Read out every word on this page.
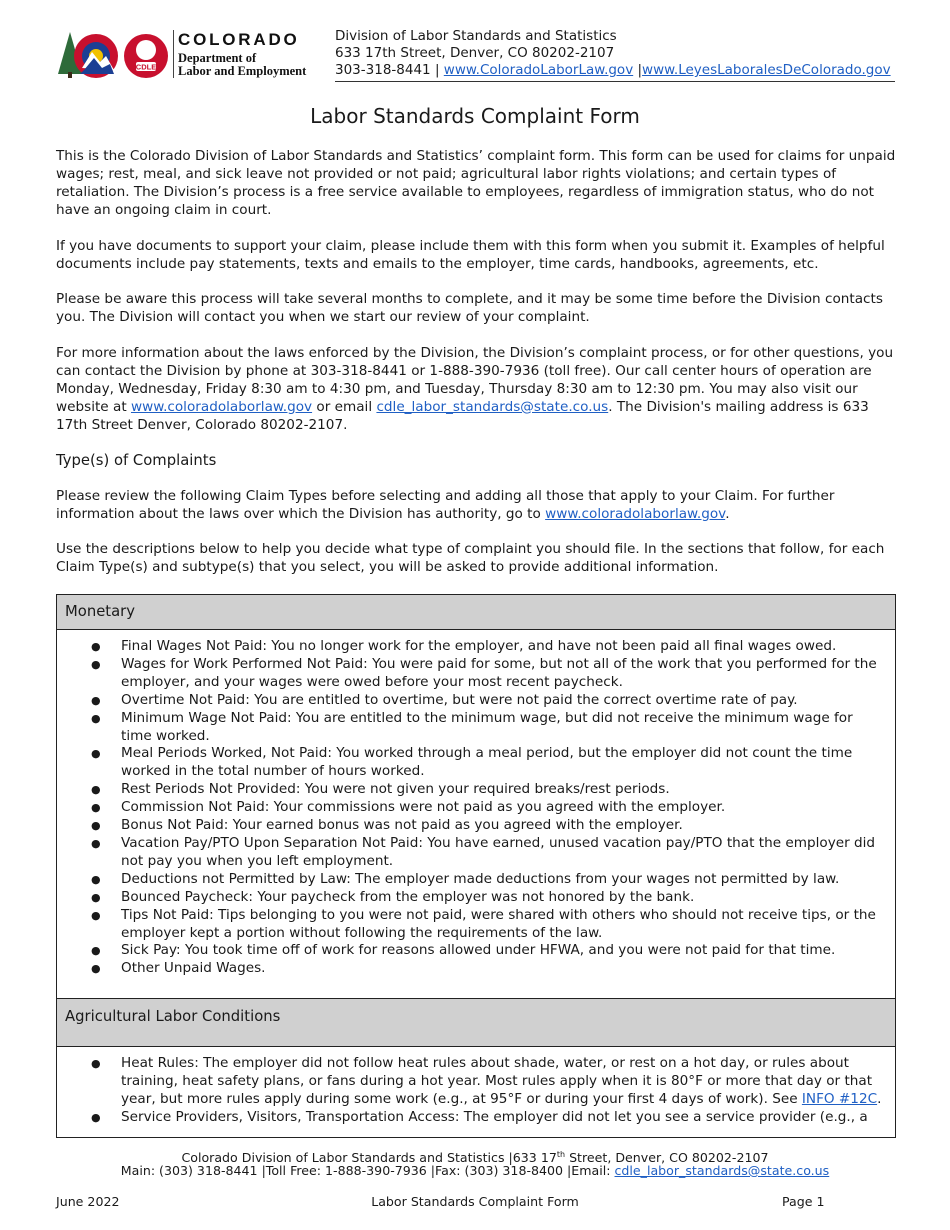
CDLE
COLORADO
Department of
Labor and Employment
Division of Labor Standards and Statistics
633 17th Street, Denver, CO 80202-2107
303-318-8441 | www.ColoradoLaborLaw.gov |www.LeyesLaboralesDeColorado.gov
Labor Standards Complaint Form

This is the Colorado Division of Labor Standards and Statistics’ complaint form. This form can be used for claims for unpaid wages; rest, meal, and sick leave not provided or not paid; agricultural labor rights violations; and certain types of retaliation. The Division’s process is a free service available to employees, regardless of immigration status, who do not have an ongoing claim in court.

If you have documents to support your claim, please include them with this form when you submit it. Examples of helpful documents include pay statements, texts and emails to the employer, time cards, handbooks, agreements, etc.

Please be aware this process will take several months to complete, and it may be some time before the Division contacts you. The Division will contact you when we start our review of your complaint.

For more information about the laws enforced by the Division, the Division’s complaint process, or for other questions, you can contact the Division by phone at 303-318-8441 or 1-888-390-7936 (toll free). Our call center hours of operation are Monday, Wednesday, Friday 8:30 am to 4:30 pm, and Tuesday, Thursday 8:30 am to 12:30 pm. You may also visit our website at www.coloradolaborlaw.gov or email cdle_labor_standards@state.co.us. The Division's mailing address is 633 17th Street Denver, Colorado 80202-2107.

Type(s) of Complaints

Please review the following Claim Types before selecting and adding all those that apply to your Claim. For further information about the laws over which the Division has authority, go to www.coloradolaborlaw.gov.

Use the descriptions below to help you decide what type of complaint you should file. In the sections that follow, for each Claim Type(s) and subtype(s) that you select, you will be asked to provide additional information.

Monetary
● Final Wages Not Paid: You no longer work for the employer, and have not been paid all final wages owed.
● Wages for Work Performed Not Paid: You were paid for some, but not all of the work that you performed for the employer, and your wages were owed before your most recent paycheck.
● Overtime Not Paid: You are entitled to overtime, but were not paid the correct overtime rate of pay.
● Minimum Wage Not Paid: You are entitled to the minimum wage, but did not receive the minimum wage for time worked.
● Meal Periods Worked, Not Paid: You worked through a meal period, but the employer did not count the time worked in the total number of hours worked.
● Rest Periods Not Provided: You were not given your required breaks/rest periods.
● Commission Not Paid: Your commissions were not paid as you agreed with the employer.
● Bonus Not Paid: Your earned bonus was not paid as you agreed with the employer.
● Vacation Pay/PTO Upon Separation Not Paid: You have earned, unused vacation pay/PTO that the employer did not pay you when you left employment.
● Deductions not Permitted by Law: The employer made deductions from your wages not permitted by law.
● Bounced Paycheck: Your paycheck from the employer was not honored by the bank.
● Tips Not Paid: Tips belonging to you were not paid, were shared with others who should not receive tips, or the employer kept a portion without following the requirements of the law.
● Sick Pay: You took time off of work for reasons allowed under HFWA, and you were not paid for that time.
● Other Unpaid Wages.
Agricultural Labor Conditions
● Heat Rules: The employer did not follow heat rules about shade, water, or rest on a hot day, or rules about training, heat safety plans, or fans during a hot year. Most rules apply when it is 80°F or more that day or that year, but more rules apply during some work (e.g., at 95°F or during your first 4 days of work). See INFO #12C.
● Service Providers, Visitors, Transportation Access: The employer did not let you see a service provider (e.g., a
Colorado Division of Labor Standards and Statistics |633 17th Street, Denver, CO 80202-2107
Main: (303) 318-8441 |Toll Free: 1-888-390-7936 |Fax: (303) 318-8400 |Email: cdle_labor_standards@state.co.us
June 2022	Labor Standards Complaint Form	Page 1
